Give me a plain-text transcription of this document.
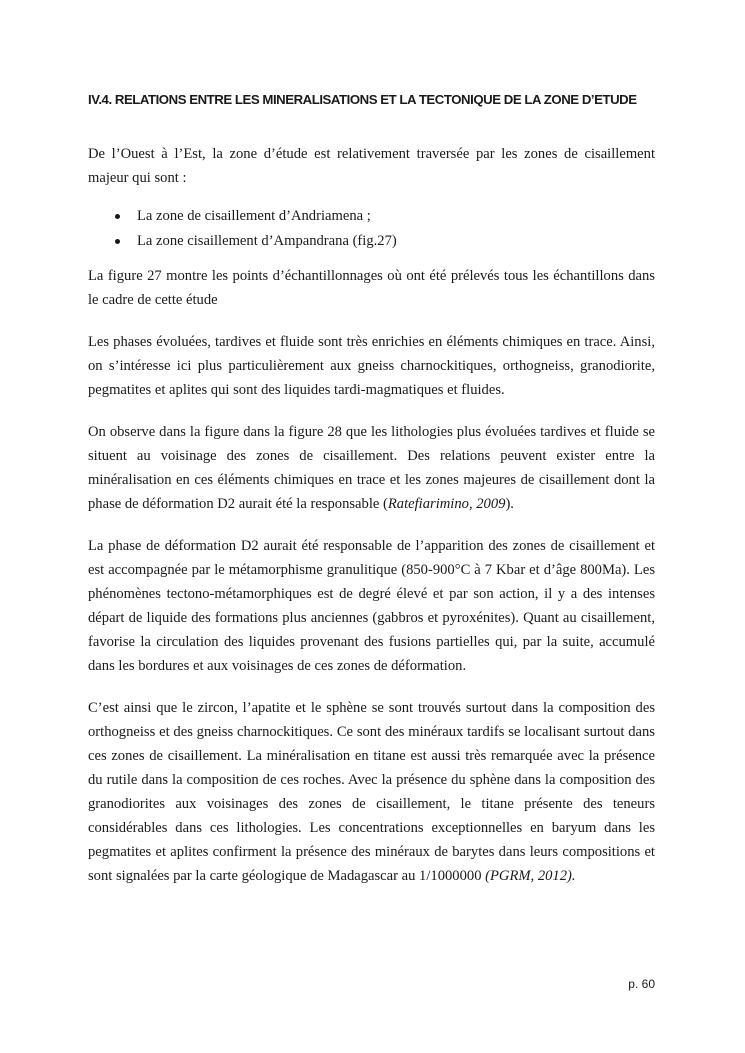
IV.4. RELATIONS ENTRE LES MINERALISATIONS ET LA TECTONIQUE DE LA ZONE D’ETUDE

De l’Ouest à l’Est, la zone d’étude est relativement traversée par les zones de cisaillement majeur qui sont :

La zone de cisaillement d’Andriamena ;
La zone cisaillement d’Ampandrana (fig.27)

La figure 27 montre les points d’échantillonnages où ont été prélevés tous les échantillons dans le cadre de cette étude

Les phases évoluées, tardives et fluide sont très enrichies en éléments chimiques en trace. Ainsi, on s’intéresse ici plus particulièrement aux gneiss charnockitiques, orthogneiss, granodiorite, pegmatites et aplites qui sont des liquides tardi-magmatiques et fluides.

On observe dans la figure dans la figure 28 que les lithologies plus évoluées tardives et fluide se situent au voisinage des zones de cisaillement. Des relations peuvent exister entre la minéralisation en ces éléments chimiques en trace et les zones majeures de cisaillement dont la phase de déformation D2 aurait été la responsable (Ratefiarimino, 2009).

La phase de déformation D2 aurait été responsable de l’apparition des zones de cisaillement et est accompagnée par le métamorphisme granulitique (850-900°C à 7 Kbar et d’âge 800Ma). Les phénomènes tectono-métamorphiques est de degré élevé et par son action, il y a des intenses départ de liquide des formations plus anciennes (gabbros et pyroxénites). Quant au cisaillement, favorise la circulation des liquides provenant des fusions partielles qui, par la suite, accumulé dans les bordures et aux voisinages de ces zones de déformation.

C’est ainsi que le zircon, l’apatite et le sphène se sont trouvés surtout dans la composition des orthogneiss et des gneiss charnockitiques. Ce sont des minéraux tardifs se localisant surtout dans ces zones de cisaillement. La minéralisation en titane est aussi très remarquée avec la présence du rutile dans la composition de ces roches. Avec la présence du sphène dans la composition des granodiorites aux voisinages des zones de cisaillement, le titane présente des teneurs considérables dans ces lithologies. Les concentrations exceptionnelles en baryum dans les pegmatites et aplites confirment la présence des minéraux de barytes dans leurs compositions et sont signalées par la carte géologique de Madagascar au 1/1000000 (PGRM, 2012).

p. 60
